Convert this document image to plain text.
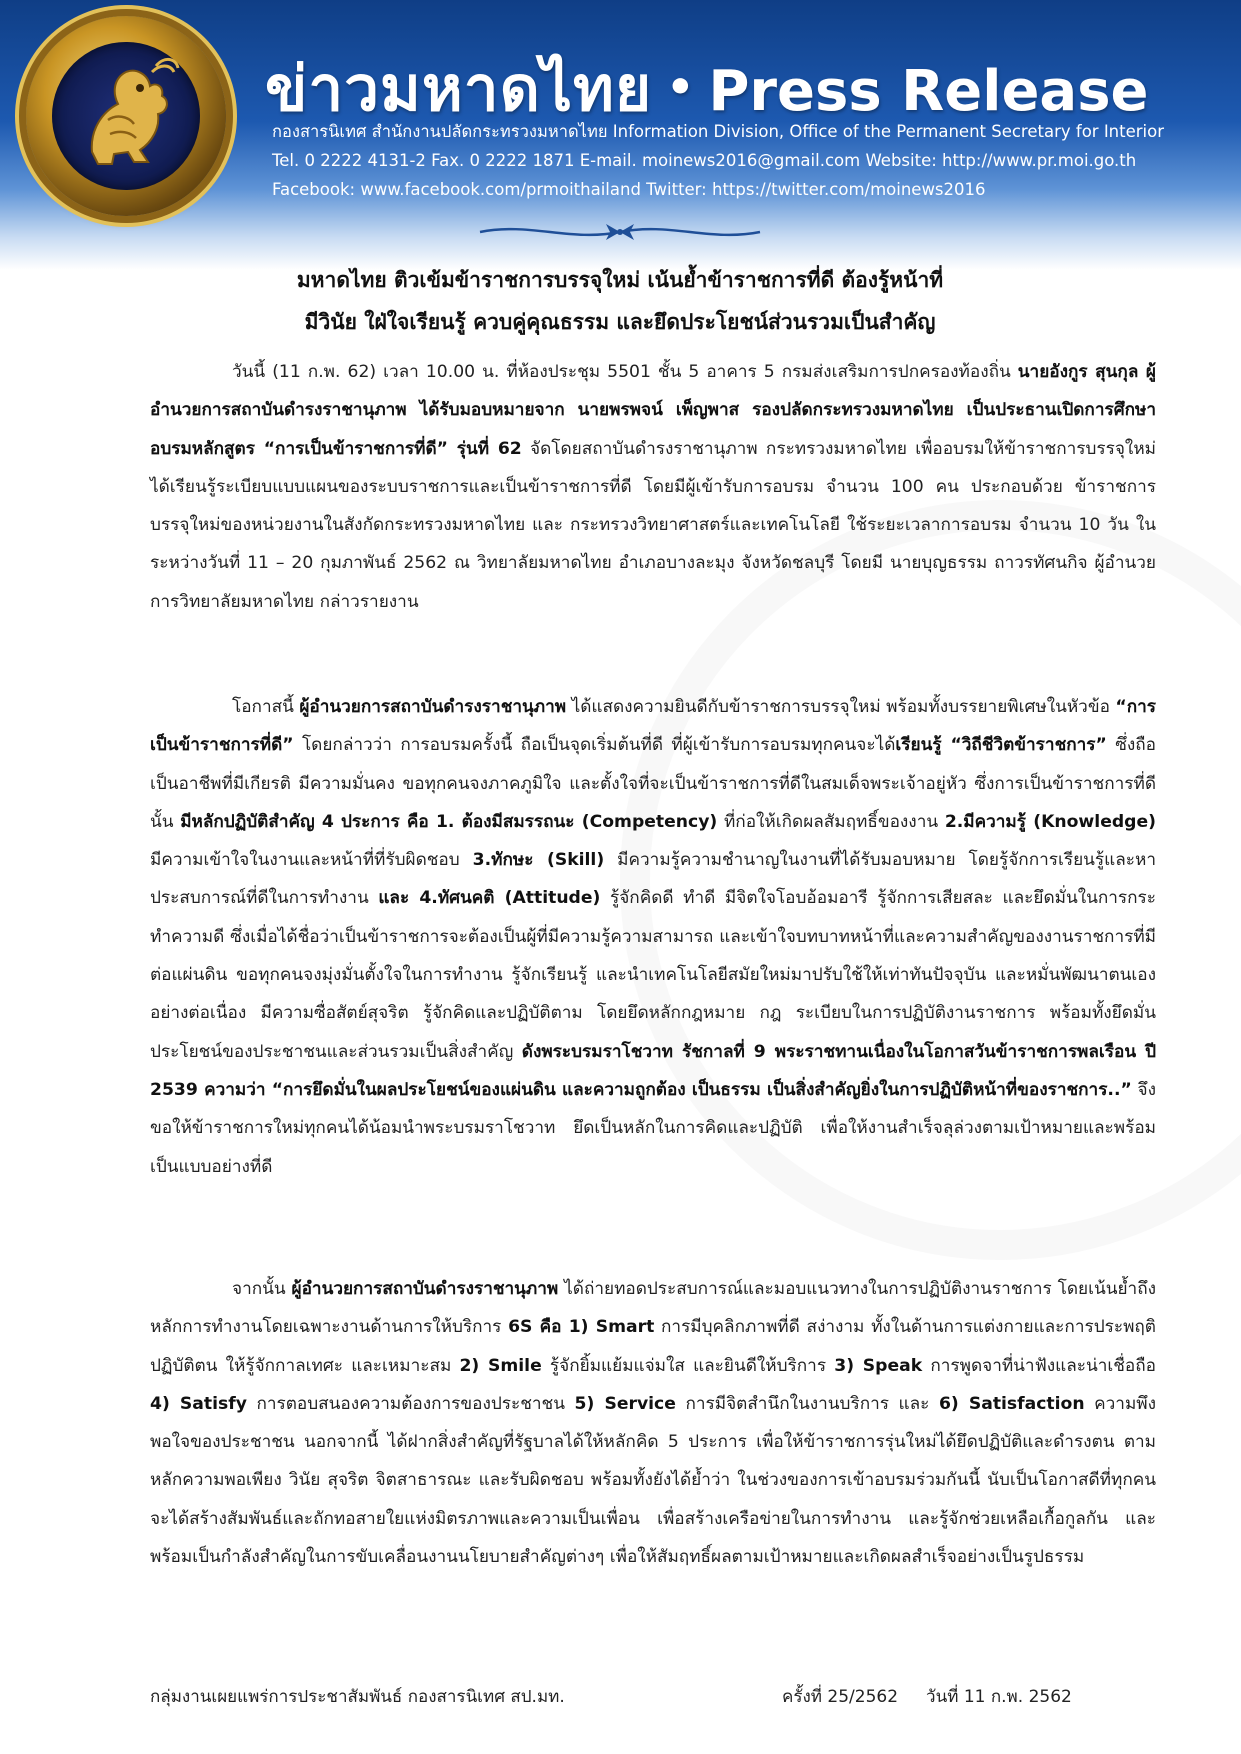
ข่าวมหาดไทย • Press Release
กองสารนิเทศ สำนักงานปลัดกระทรวงมหาดไทย Information Division, Office of the Permanent Secretary for Interior
Tel. 0 2222 4131-2 Fax. 0 2222 1871 E-mail. moinews2016@gmail.com Website: http://www.pr.moi.go.th
Facebook: www.facebook.com/prmoithailand Twitter: https://twitter.com/moinews2016
มหาดไทย ติวเข้มข้าราชการบรรจุใหม่ เน้นย้ำข้าราชการที่ดี ต้องรู้หน้าที่
มีวินัย ใฝ่ใจเรียนรู้ ควบคู่คุณธรรม และยึดประโยชน์ส่วนรวมเป็นสำคัญ

วันนี้ (11 ก.พ. 62) เวลา 10.00 น. ที่ห้องประชุม 5501 ชั้น 5 อาคาร 5 กรมส่งเสริมการปกครองท้องถิ่น นายอังกูร สุนกุล ผู้อำนวยการสถาบันดำรงราชานุภาพ ได้รับมอบหมายจาก นายพรพจน์ เพ็ญพาส รองปลัดกระทรวงมหาดไทย เป็นประธานเปิดการศึกษาอบรมหลักสูตร “การเป็นข้าราชการที่ดี” รุ่นที่ 62 จัดโดยสถาบันดำรงราชานุภาพ กระทรวงมหาดไทย เพื่ออบรมให้ข้าราชการบรรจุใหม่ได้เรียนรู้ระเบียบแบบแผนของระบบราชการและเป็นข้าราชการที่ดี โดยมีผู้เข้ารับการอบรม จำนวน 100 คน ประกอบด้วย ข้าราชการบรรจุใหม่ของหน่วยงานในสังกัดกระทรวงมหาดไทย และ กระทรวงวิทยาศาสตร์และเทคโนโลยี ใช้ระยะเวลาการอบรม จำนวน 10 วัน ในระหว่างวันที่ 11 – 20 กุมภาพันธ์ 2562 ณ วิทยาลัยมหาดไทย อำเภอบางละมุง จังหวัดชลบุรี โดยมี นายบุญธรรม ถาวรทัศนกิจ ผู้อำนวยการวิทยาลัยมหาดไทย กล่าวรายงาน

โอกาสนี้ ผู้อำนวยการสถาบันดำรงราชานุภาพ ได้แสดงความยินดีกับข้าราชการบรรจุใหม่ พร้อมทั้งบรรยายพิเศษในหัวข้อ “การเป็นข้าราชการที่ดี” โดยกล่าวว่า การอบรมครั้งนี้ ถือเป็นจุดเริ่มต้นที่ดี ที่ผู้เข้ารับการอบรมทุกคนจะได้เรียนรู้ “วิถีชีวิตข้าราชการ” ซึ่งถือเป็นอาชีพที่มีเกียรติ มีความมั่นคง ขอทุกคนจงภาคภูมิใจ และตั้งใจที่จะเป็นข้าราชการที่ดีในสมเด็จพระเจ้าอยู่หัว ซึ่งการเป็นข้าราชการที่ดีนั้น มีหลักปฏิบัติสำคัญ 4 ประการ คือ 1. ต้องมีสมรรถนะ (Competency) ที่ก่อให้เกิดผลสัมฤทธิ์ของงาน 2.มีความรู้ (Knowledge) มีความเข้าใจในงานและหน้าที่ที่รับผิดชอบ 3.ทักษะ (Skill) มีความรู้ความชำนาญในงานที่ได้รับมอบหมาย โดยรู้จักการเรียนรู้และหาประสบการณ์ที่ดีในการทำงาน และ 4.ทัศนคติ (Attitude) รู้จักคิดดี ทำดี มีจิตใจโอบอ้อมอารี รู้จักการเสียสละ และยึดมั่นในการกระทำความดี ซึ่งเมื่อได้ชื่อว่าเป็นข้าราชการจะต้องเป็นผู้ที่มีความรู้ความสามารถ และเข้าใจบทบาทหน้าที่และความสำคัญของงานราชการที่มีต่อแผ่นดิน ขอทุกคนจงมุ่งมั่นตั้งใจในการทำงาน รู้จักเรียนรู้ และนำเทคโนโลยีสมัยใหม่มาปรับใช้ให้เท่าทันปัจจุบัน และหมั่นพัฒนาตนเองอย่างต่อเนื่อง มีความซื่อสัตย์สุจริต รู้จักคิดและปฏิบัติตาม โดยยึดหลักกฎหมาย กฎ ระเบียบในการปฏิบัติงานราชการ พร้อมทั้งยึดมั่นประโยชน์ของประชาชนและส่วนรวมเป็นสิ่งสำคัญ ดังพระบรมราโชวาท รัชกาลที่ 9 พระราชทานเนื่องในโอกาสวันข้าราชการพลเรือน ปี 2539 ความว่า “การยึดมั่นในผลประโยชน์ของแผ่นดิน และความถูกต้อง เป็นธรรม เป็นสิ่งสำคัญยิ่งในการปฏิบัติหน้าที่ของราชการ..” จึงขอให้ข้าราชการใหม่ทุกคนได้น้อมนำพระบรมราโชวาท ยึดเป็นหลักในการคิดและปฏิบัติ เพื่อให้งานสำเร็จลุล่วงตามเป้าหมายและพร้อมเป็นแบบอย่างที่ดี

จากนั้น ผู้อำนวยการสถาบันดำรงราชานุภาพ ได้ถ่ายทอดประสบการณ์และมอบแนวทางในการปฏิบัติงานราชการ โดยเน้นย้ำถึงหลักการทำงานโดยเฉพาะงานด้านการให้บริการ 6S คือ 1) Smart การมีบุคลิกภาพที่ดี สง่างาม ทั้งในด้านการแต่งกายและการประพฤติปฏิบัติตน ให้รู้จักกาลเทศะ และเหมาะสม 2) Smile รู้จักยิ้มแย้มแจ่มใส และยินดีให้บริการ 3) Speak การพูดจาที่น่าฟังและน่าเชื่อถือ 4) Satisfy การตอบสนองความต้องการของประชาชน 5) Service การมีจิตสำนึกในงานบริการ และ 6) Satisfaction ความพึงพอใจของประชาชน นอกจากนี้ ได้ฝากสิ่งสำคัญที่รัฐบาลได้ให้หลักคิด 5 ประการ เพื่อให้ข้าราชการรุ่นใหม่ได้ยึดปฏิบัติและดำรงตน ตามหลักความพอเพียง วินัย สุจริต จิตสาธารณะ และรับผิดชอบ พร้อมทั้งยังได้ย้ำว่า ในช่วงของการเข้าอบรมร่วมกันนี้ นับเป็นโอกาสดีที่ทุกคนจะได้สร้างสัมพันธ์และถักทอสายใยแห่งมิตรภาพและความเป็นเพื่อน เพื่อสร้างเครือข่ายในการทำงาน และรู้จักช่วยเหลือเกื้อกูลกัน และพร้อมเป็นกำลังสำคัญในการขับเคลื่อนงานนโยบายสำคัญต่างๆ เพื่อให้สัมฤทธิ์ผลตามเป้าหมายและเกิดผลสำเร็จอย่างเป็นรูปธรรม

กลุ่มงานเผยแพร่การประชาสัมพันธ์ กองสารนิเทศ สป.มท.	ครั้งที่ 25/2562 วันที่ 11 ก.พ. 2562
